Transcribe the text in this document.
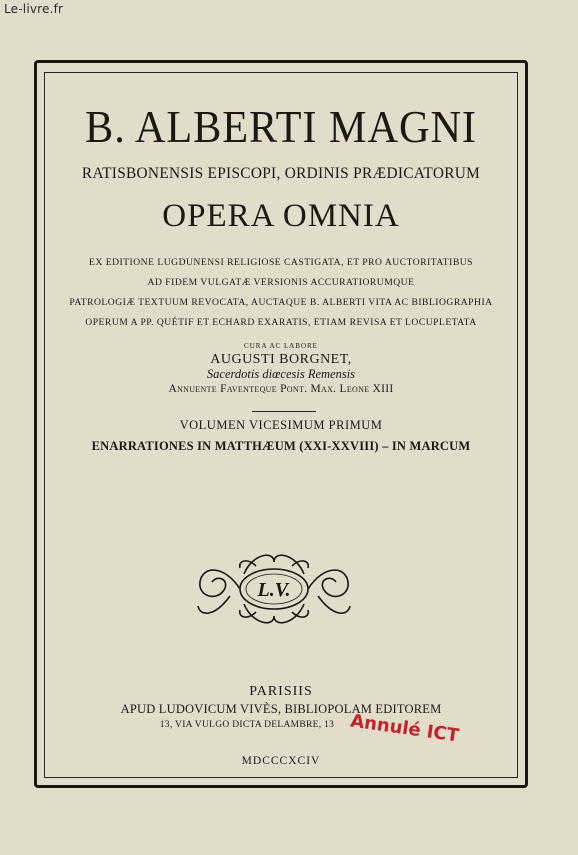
Le-livre.fr
B. ALBERTI MAGNI
RATISBONENSIS EPISCOPI, ORDINIS PRÆDICATORUM
OPERA OMNIA
EX EDITIONE LUGDUNENSI RELIGIOSE CASTIGATA, ET PRO AUCTORITATIBUS
AD FIDEM VULGATÆ VERSIONIS ACCURATIORUMQUE
PATROLOGIÆ TEXTUUM REVOCATA, AUCTAQUE B. ALBERTI VITA AC BIBLIOGRAPHIA
OPERUM A PP. QUÉTIF ET ECHARD EXARATIS, ETIAM REVISA ET LOCUPLETATA
CURA AC LABORE
AUGUSTI BORGNET,
Sacerdotis diœcesis Remensis
Annuente Faventeque Pont. Max. Leone XIII
VOLUMEN VICESIMUM PRIMUM
ENARRATIONES IN MATTHÆUM (XXI-XXVIII) – IN MARCUM
L.V.
PARISIIS
APUD LUDOVICUM VIVÈS, BIBLIOPOLAM EDITOREM
13, VIA VULGO DICTA DELAMBRE, 13
MDCCCXCIV
Annulé ICT
